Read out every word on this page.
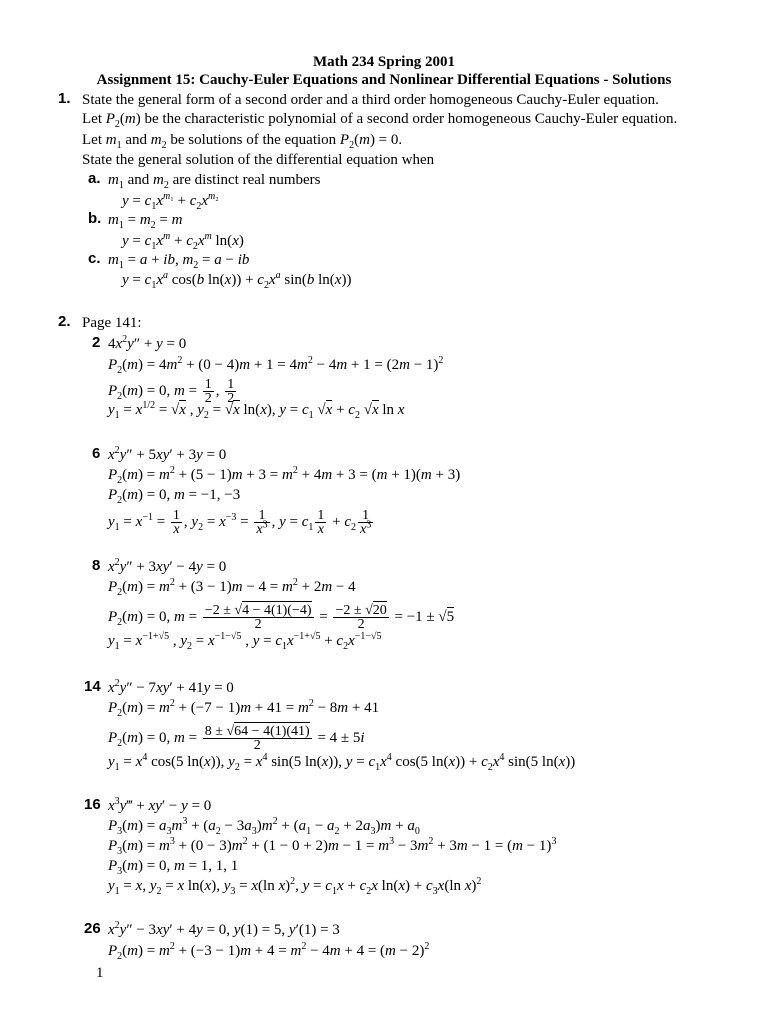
Math 234 Spring 2001
Assignment 15: Cauchy-Euler Equations and Nonlinear Differential Equations - Solutions
1. State the general form of a second order and a third order homogeneous Cauchy-Euler equation.
Let $P_2(m)$ be the characteristic polynomial of a second order homogeneous Cauchy-Euler equation.
Let $m_1$ and $m_2$ be solutions of the equation $P_2(m) = 0$.
State the general solution of the differential equation when
a. $m_1$ and $m_2$ are distinct real numbers
$y = c_1x^{m_1} + c_2x^{m_2}$
b. $m_1 = m_2 = m$
$y = c_1x^m + c_2x^m$ ln(x)
c. $m_1 = a$ + ib, $m_2 = a$ − ib
$y = c_1x^a$ cos(b $\ln(x)) + c_2x^a$ sin(b ln(x))
2. Page 141:
2 $4x^2y'' + y = 0$
$P_2(m) = 4m^2 + (0 - 4)m + 1 = 4m^2 - 4m + 1 = (2m - 1)^2$
$P_2(m) = 0$, $m = \frac{1}{2}$ , $\frac{1}{2}$
$y_1 = x^{1/2} = √x$ , $y_2 = √x$ ln(x), $y = c_1$ $√x + c_2$ √x ln x
6 $x^2y'' + 5xy' + 3y = 0$
$P_2(m) = m^2 + (5 - 1)m + 3 = m^2 + 4m + 3 = (m + 1)(m + 3)$
$P_2(m) = 0$, m = −1, −3
$y_1 = x^{-1} = \frac{1}{x}$ , $y_2 = x^{-3} = \frac{1}{x^3}$ , $y = c_1 \frac{1}{x} + c_2 \frac{1}{x^3}$
8 $x^2y'' + 3xy' - 4y = 0$
$P_2(m) = m^2 + (3 - 1)m - 4 = m^2 + 2m - 4$
$P_2(m) = 0$, $m = \frac{-2 \pm √4 - 4(1)(-4)}{2} = \frac{-2 \pm √20}{2} = -1 \pm √5$
$y_1 = x^{-1+√5}$ , $y_2 = x^{-1-√5}$ , $y = c_1x^{-1+√5} + c_2x^{-1-√5}$
14 $x^2y'' - 7xy' + 41y = 0$
$P_2(m) = m^2 + (-7 - 1)m + 41 = m^2 - 8m + 41$
$P_2(m) = 0$, $m = \frac{8 \pm √64 - 4(1)(41)}{2} = 4 \pm 5i$
$y_1 = x^4$ cos(5 ln(x)), $y_2 = x^4$ sin(5 ln(x)), $y = c_1x^4$ cos(5 $\ln(x)) + c_2x^4$ sin(5 ln(x))
16 $x^3y‴ + xy' - y = 0$
$P_3(m) = a_3m^3 + (a_2 - 3a_3)m^2 + (a_1 - a_2 + 2a_3)m + a_0$
$P_3(m) = m^3 + (0 - 3)m^2 + (1 - 0 + 2)m - 1 = m^3 - 3m^2 + 3m - 1 = (m - 1)^3$
$P_3(m) = 0$, m = 1, 1, 1
$y_1 = x$, $y_2 = x$ ln(x), $y_3 = x(\ln$ x)$^2$, $y = c_1x + c_2x$ $\ln(x) + c_3x(\ln$ x)$^2$
26 $x^2y'' - 3xy' + 4y = 0$, y(1) = 5, y′(1) = 3
$P_2(m) = m^2 + (-3 - 1)m + 4 = m^2 - 4m + 4 = (m - 2)^2$
1
